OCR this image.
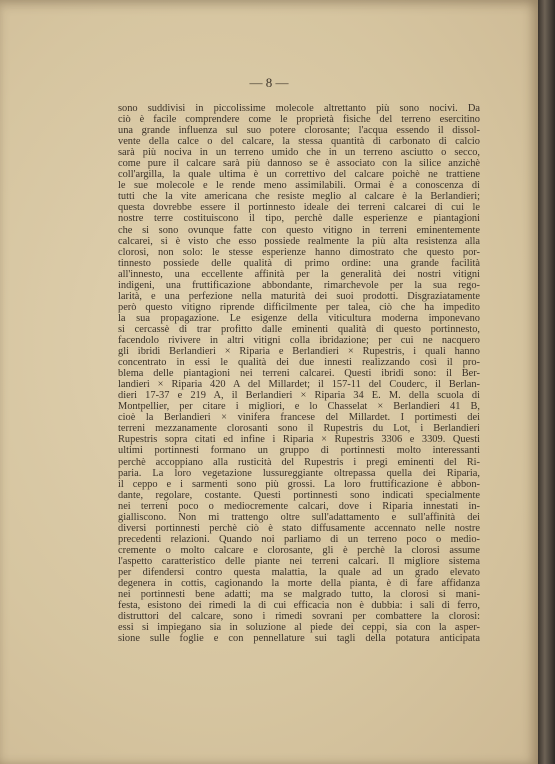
— 8 —
sono suddivisi in piccolissime molecole altrettanto più sono nocivi. Da
ciò è facile comprendere come le proprietà fisiche del terreno esercitino
una grande influenza sul suo potere clorosante; l'acqua essendo il dissol-
vente della calce o del calcare, la stessa quantità di carbonato di calcio
sarà più nociva in un terreno umido che in un terreno asciutto o secco,
come pure il calcare sarà più dannoso se è associato con la silice anzichè
coll'argilla, la quale ultima è un correttivo del calcare poichè ne trattiene
le sue molecole e le rende meno assimilabili. Ormai è a conoscenza di
tutti che la vite americana che resiste meglio al calcare è la Berlandieri;
questa dovrebbe essere il portinnesto ideale dei terreni calcarei di cui le
nostre terre costituiscono il tipo, perchè dalle esperienze e piantagioni
che si sono ovunque fatte con questo vitigno in terreni eminentemente
calcarei, si è visto che esso possiede realmente la più alta resistenza alla
clorosi, non solo: le stesse esperienze hanno dimostrato che questo por-
tinnesto possiede delle qualità di primo ordine: una grande facilità
all'innesto, una eccellente affinità per la generalità dei nostri vitigni
indigeni, una fruttificazione abbondante, rimarchevole per la sua rego-
larità, e una perfezione nella maturità dei suoi prodotti. Disgraziatamente
però questo vitigno riprende difficilmente per talea, ciò che ha impedito
la sua propagazione. Le esigenze della viticultura moderna imponevano
si cercassè di trar profitto dalle eminenti qualità di questo portinnesto,
facendolo rivivere in altri vitigni colla ibridazione; per cui ne nacquero
gli ibridi Berlandieri × Riparia e Berlandieri × Rupestris, i quali hanno
concentrato in essi le qualità dei due innesti realizzando così il pro-
blema delle piantagioni nei terreni calcarei. Questi ibridi sono: il Ber-
landieri × Riparia 420 A del Millardet; il 157-11 del Couderc, il Berlan-
dieri 17-37 e 219 A, il Berlandieri × Riparia 34 E. M. della scuola di
Montpellier, per citare i migliori, e lo Chasselat × Berlandieri 41 B,
cioè la Berlandieri × vinifera francese del Millardet. I portimesti dei
terreni mezzanamente clorosanti sono il Rupestris du Lot, i Berlandieri
Rupestris sopra citati ed infine i Riparia × Rupestris 3306 e 3309. Questi
ultimi portinnesti formano un gruppo di portinnesti molto interessanti
perchè accoppiano alla rusticità del Rupestris i pregi eminenti del Ri-
paria. La loro vegetazione lussureggiante oltrepassa quella dei Riparia,
il ceppo e i sarmenti sono più grossi. La loro fruttificazione è abbon-
dante, regolare, costante. Questi portinnesti sono indicati specialmente
nei terreni poco o mediocremente calcari, dove i Riparia innestati in-
gialliscono. Non mi trattengo oltre sull'adattamento e sull'affinità dei
diversi portinnesti perchè ciò è stato diffusamente accennato nelle nostre
precedenti relazioni. Quando noi parliamo di un terreno poco o medio-
cremente o molto calcare e clorosante, gli è perchè la clorosi assume
l'aspetto caratteristico delle piante nei terreni calcari. Il migliore sistema
per difendersi contro questa malattia, la quale ad un grado elevato
degenera in cottis, cagionando la morte della pianta, è di fare affidanza
nei portinnesti bene adatti; ma se malgrado tutto, la clorosi si mani-
festa, esistono dei rimedi la di cui efficacia non è dubbia: i sali di ferro,
distruttori del calcare, sono i rimedi sovrani per combattere la clorosi:
essi si impiegano sia in soluzione al piede dei ceppi, sia con la asper-
sione sulle foglie e con pennellature sui tagli della potatura anticipata
